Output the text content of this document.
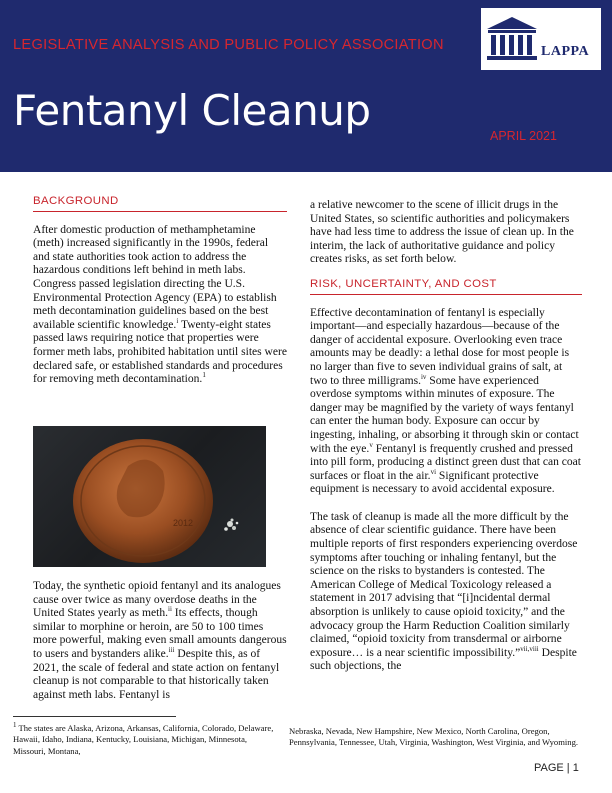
LEGISLATIVE ANALYSIS AND PUBLIC POLICY ASSOCIATION
Fentanyl Cleanup
APRIL 2021
LAPPA
BACKGROUND

After domestic production of methamphetamine (meth) increased significantly in the 1990s, federal and state authorities took action to address the hazardous conditions left behind in meth labs. Congress passed legislation directing the U.S. Environmental Protection Agency (EPA) to establish meth decontamination guidelines based on the best available scientific knowledge.$^i$ Twenty-eight states passed laws requiring notice that properties were former meth labs, prohibited habitation until sites were declared safe, or established standards and procedures for removing meth decontamination.$^1$

2012

Today, the synthetic opioid fentanyl and its analogues cause over twice as many overdose deaths in the United States yearly as meth.$^{ii}$ Its effects, though similar to morphine or heroin, are 50 to 100 times more powerful, making even small amounts dangerous to users and bystanders alike.$^{iii}$ Despite this, as of 2021, the scale of federal and state action on fentanyl cleanup is not comparable to that historically taken against meth labs. Fentanyl is

a relative newcomer to the scene of illicit drugs in the United States, so scientific authorities and policymakers have had less time to address the issue of clean up. In the interim, the lack of authoritative guidance and policy creates risks, as set forth below.

RISK, UNCERTAINTY, AND COST

Effective decontamination of fentanyl is especially important—and especially hazardous—because of the danger of accidental exposure. Overlooking even trace amounts may be deadly: a lethal dose for most people is no larger than five to seven individual grains of salt, at two to three milligrams.$^{iv}$ Some have experienced overdose symptoms within minutes of exposure. The danger may be magnified by the variety of ways fentanyl can enter the human body. Exposure can occur by ingesting, inhaling, or absorbing it through skin or contact with the eye.$^v$ Fentanyl is frequently crushed and pressed into pill form, producing a distinct green dust that can coat surfaces or float in the air.$^{vi}$ Significant protective equipment is necessary to avoid accidental exposure.

The task of cleanup is made all the more difficult by the absence of clear scientific guidance. There have been multiple reports of first responders experiencing overdose symptoms after touching or inhaling fentanyl, but the science on the risks to bystanders is contested. The American College of Medical Toxicology released a statement in 2017 advising that “[i]ncidental dermal absorption is unlikely to cause opioid toxicity,” and the advocacy group the Harm Reduction Coalition similarly claimed, “opioid toxicity from transdermal or airborne exposure… is a near scientific impossibility.”$^{vii,viii}$ Despite such objections, the

$^1$ The states are Alaska, Arizona, Arkansas, California, Colorado, Delaware, Hawaii, Idaho, Indiana, Kentucky, Louisiana, Michigan, Minnesota, Missouri, Montana,
Nebraska, Nevada, New Hampshire, New Mexico, North Carolina, Oregon, Pennsylvania, Tennessee, Utah, Virginia, Washington, West Virginia, and Wyoming.
PAGE | 1
